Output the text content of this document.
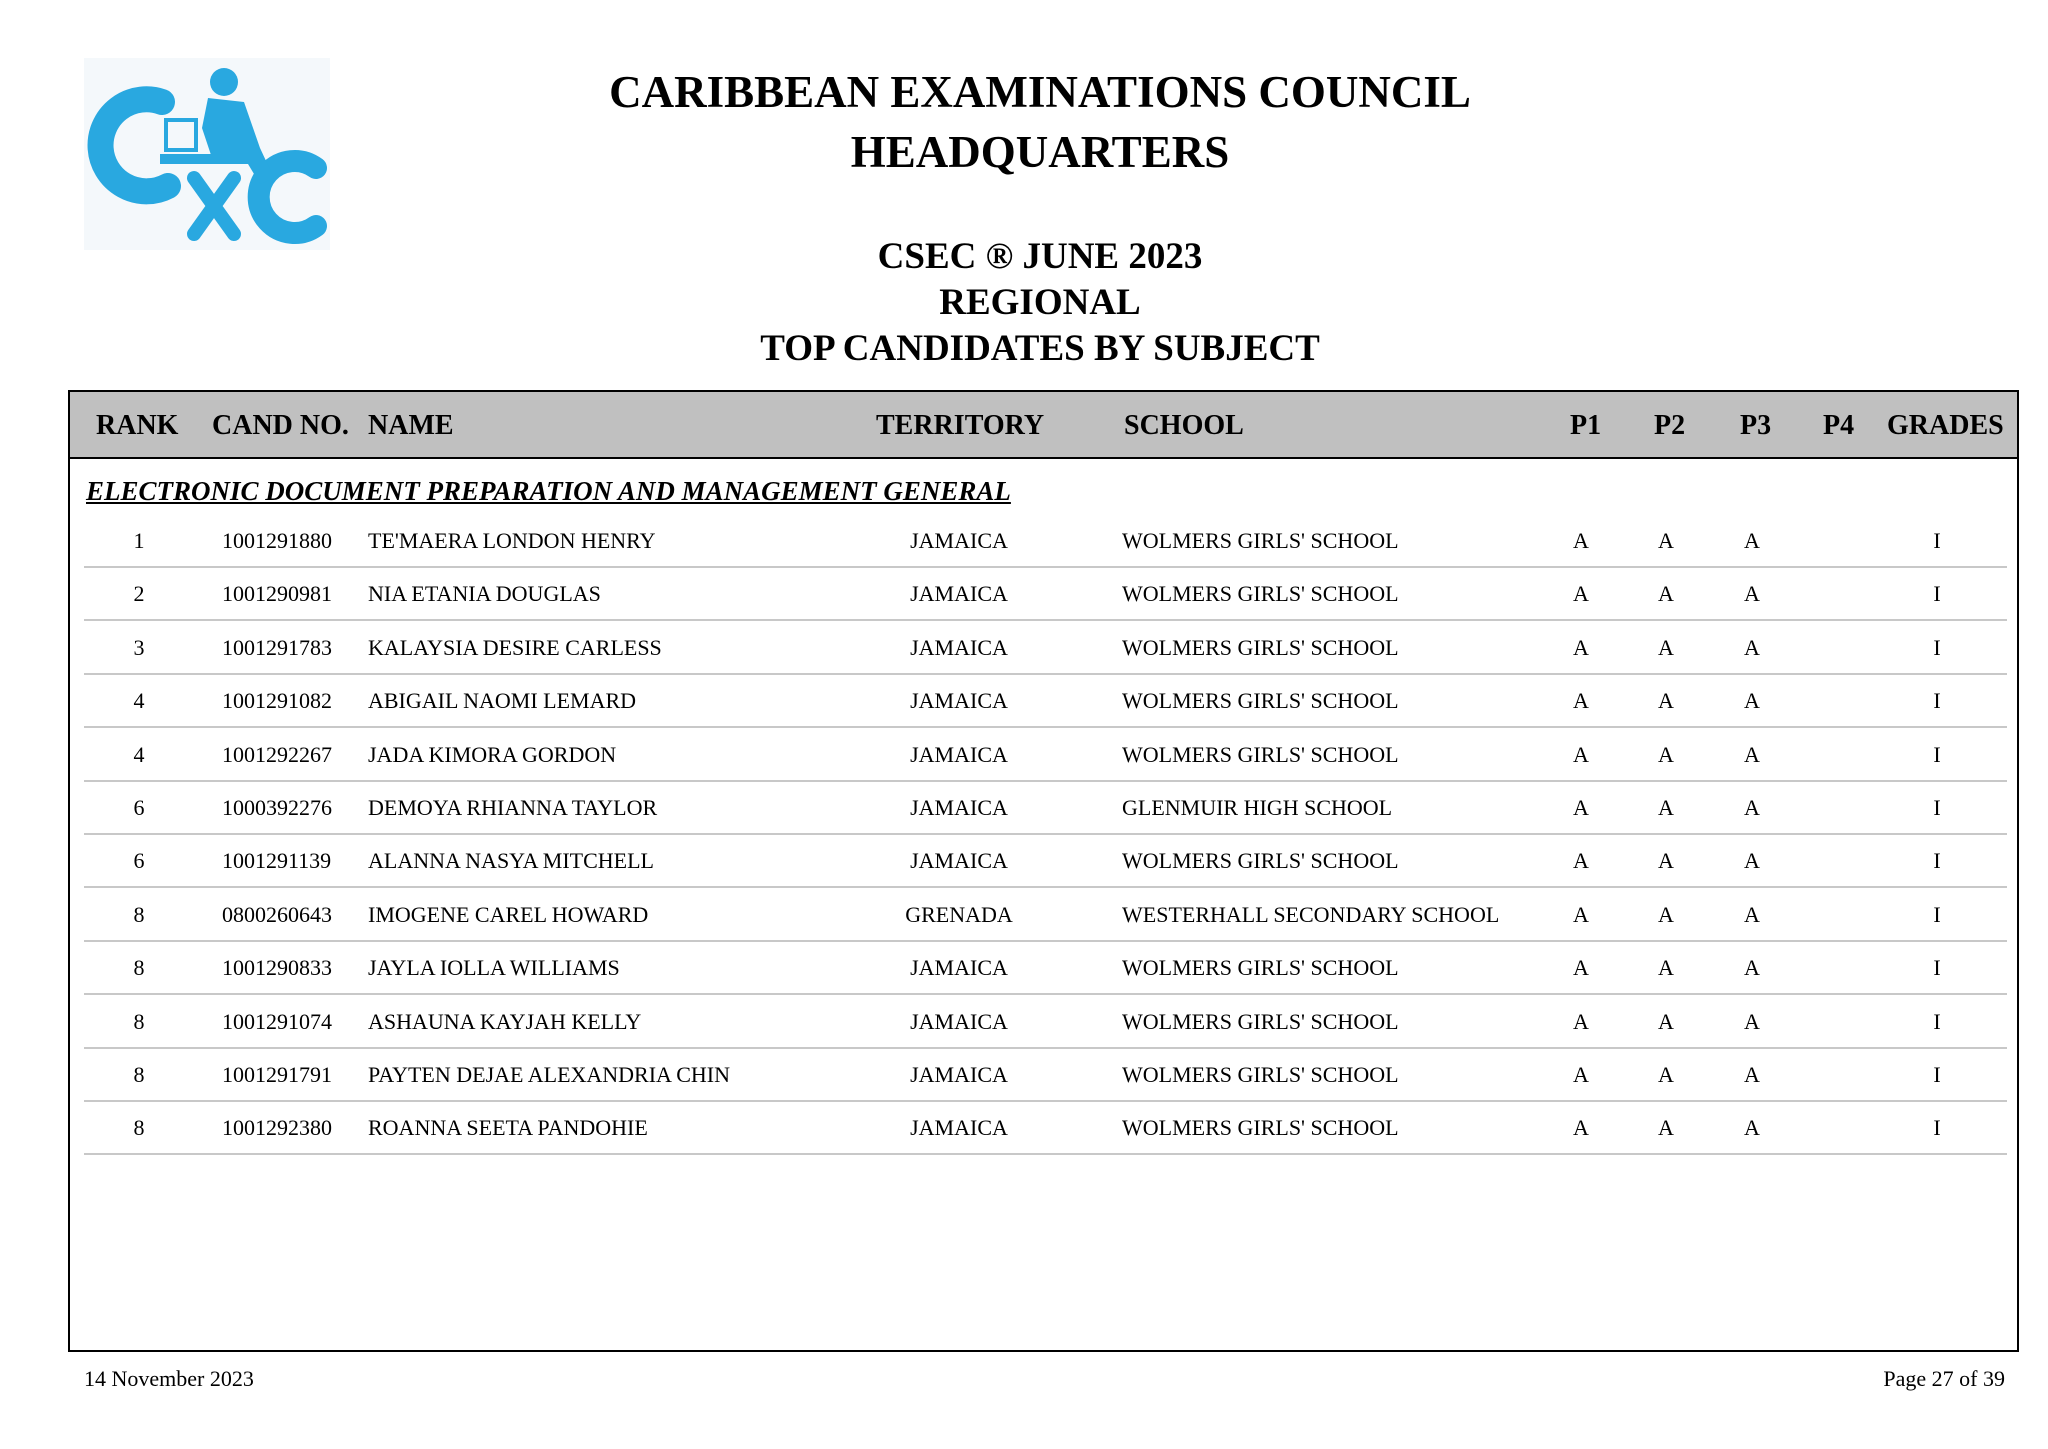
CARIBBEAN EXAMINATIONS COUNCIL
HEADQUARTERS
CSEC ® JUNE 2023
REGIONAL
TOP CANDIDATES BY SUBJECT
RANK CAND NO. NAME	TERRITORY	SCHOOL	P1 P2 P3 P4 GRADES
ELECTRONIC DOCUMENT PREPARATION AND MANAGEMENT GENERAL
1	1001291880 TE'MAERA LONDON HENRY	JAMAICA	WOLMERS GIRLS' SCHOOL	A	A	A	I
2	1001290981 NIA ETANIA DOUGLAS	JAMAICA	WOLMERS GIRLS' SCHOOL	A	A	A	I
3	1001291783 KALAYSIA DESIRE CARLESS	JAMAICA	WOLMERS GIRLS' SCHOOL	A	A	A	I
4	1001291082 ABIGAIL NAOMI LEMARD	JAMAICA	WOLMERS GIRLS' SCHOOL	A	A	A	I
4	1001292267 JADA KIMORA GORDON	JAMAICA	WOLMERS GIRLS' SCHOOL	A	A	A	I
6	1000392276 DEMOYA RHIANNA TAYLOR	JAMAICA	GLENMUIR HIGH SCHOOL	A	A	A	I
6	1001291139 ALANNA NASYA MITCHELL	JAMAICA	WOLMERS GIRLS' SCHOOL	A	A	A	I
8	0800260643 IMOGENE CAREL HOWARD	GRENADA	WESTERHALL SECONDARY SCHOOL	A	A	A	I
8	1001290833 JAYLA IOLLA WILLIAMS	JAMAICA	WOLMERS GIRLS' SCHOOL	A	A	A	I
8	1001291074 ASHAUNA KAYJAH KELLY	JAMAICA	WOLMERS GIRLS' SCHOOL	A	A	A	I
8	1001291791 PAYTEN DEJAE ALEXANDRIA CHIN	JAMAICA	WOLMERS GIRLS' SCHOOL	A	A	A	I
8	1001292380 ROANNA SEETA PANDOHIE	JAMAICA	WOLMERS GIRLS' SCHOOL	A	A	A	I
14 November 2023	Page 27 of 39
